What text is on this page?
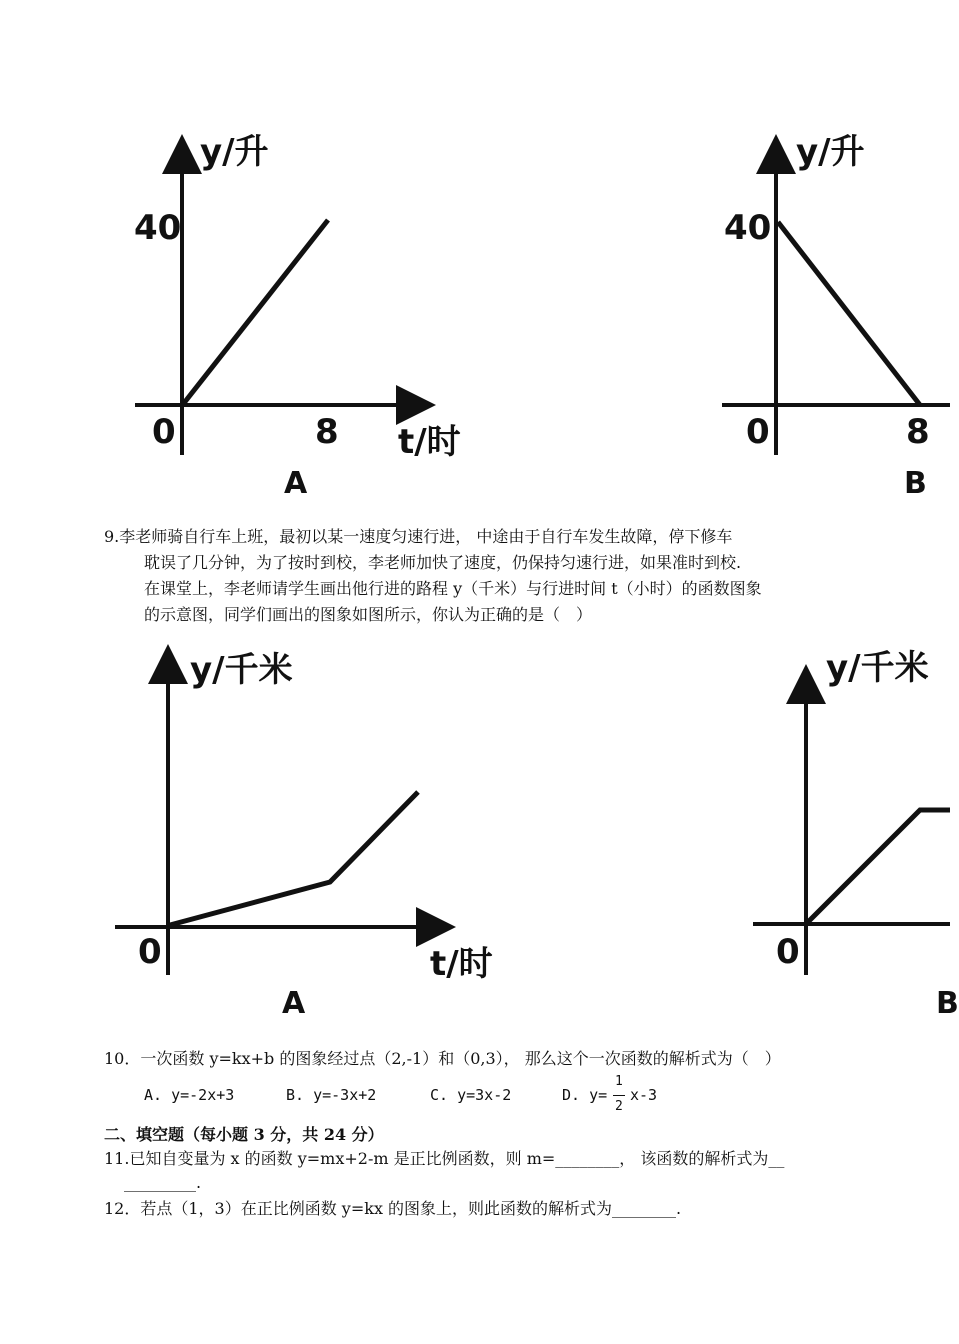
y/升
40
0	8 t/时
A
y/升
40
0	8
B
9.李老师骑自行车上班，最初以某一速度匀速行进， 中途由于自行车发生故障，停下修车
耽误了几分钟，为了按时到校，李老师加快了速度，仍保持匀速行进，如果准时到校.
在课堂上，李老师请学生画出他行进的路程 y（千米）与行进时间 t（小时）的函数图象
的示意图，同学们画出的图象如图所示，你认为正确的是（　）
y/千米
0	t/时
A
y/千米
0
B
10．一次函数 y=kx+b 的图象经过点（2,-1）和（0,3）， 那么这个一次函数的解析式为（　）
A. y=-2x+3	B. y=-3x+2	C. y=3x-2	D. y=
1
2
x-3
二、填空题（每小题 3 分，共 24 分）
11.已知自变量为 x 的函数 y=mx+2-m 是正比例函数，则 m=________， 该函数的解析式为__
_________.
12．若点（1，3）在正比例函数 y=kx 的图象上，则此函数的解析式为________.
